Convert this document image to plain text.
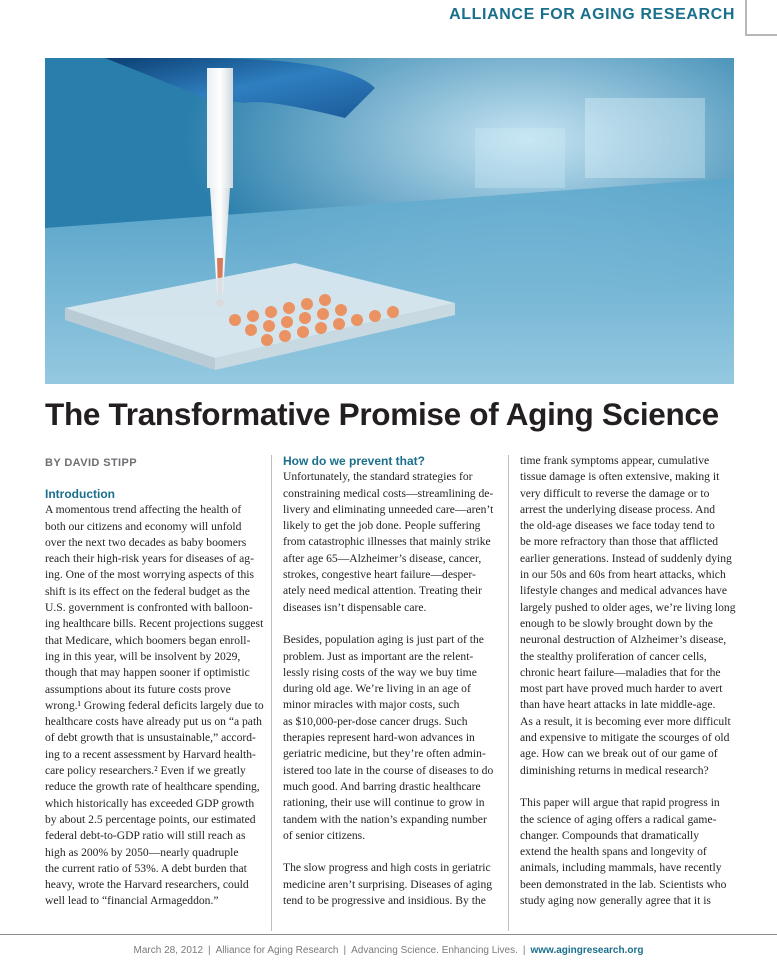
ALLIANCE FOR AGING RESEARCH
The Transformative Promise of Aging Science
BY DAVID STIPP
Introduction
A momentous trend affecting the health of
both our citizens and economy will unfold
over the next two decades as baby boomers
reach their high-risk years for diseases of ag-
ing. One of the most worrying aspects of this
shift is its effect on the federal budget as the
U.S. government is confronted with balloon-
ing healthcare bills. Recent projections suggest
that Medicare, which boomers began enroll-
ing in this year, will be insolvent by 2029,
though that may happen sooner if optimistic
assumptions about its future costs prove
wrong.¹ Growing federal deficits largely due to
healthcare costs have already put us on “a path
of debt growth that is unsustainable,” accord-
ing to a recent assessment by Harvard health-
care policy researchers.² Even if we greatly
reduce the growth rate of healthcare spending,
which historically has exceeded GDP growth
by about 2.5 percentage points, our estimated
federal debt-to-GDP ratio will still reach as
high as 200% by 2050—nearly quadruple
the current ratio of 53%. A debt burden that
heavy, wrote the Harvard researchers, could
well lead to “financial Armageddon.”
How do we prevent that?
Unfortunately, the standard strategies for
constraining medical costs—streamlining de-
livery and eliminating unneeded care—aren’t
likely to get the job done. People suffering
from catastrophic illnesses that mainly strike
after age 65—Alzheimer’s disease, cancer,
strokes, congestive heart failure—desper-
ately need medical attention. Treating their
diseases isn’t dispensable care.
Besides, population aging is just part of the
problem. Just as important are the relent-
lessly rising costs of the way we buy time
during old age. We’re living in an age of
minor miracles with major costs, such
as $10,000-per-dose cancer drugs. Such
therapies represent hard-won advances in
geriatric medicine, but they’re often admin-
istered too late in the course of diseases to do
much good. And barring drastic healthcare
rationing, their use will continue to grow in
tandem with the nation’s expanding number
of senior citizens.
The slow progress and high costs in geriatric
medicine aren’t surprising. Diseases of aging
tend to be progressive and insidious. By the
time frank symptoms appear, cumulative
tissue damage is often extensive, making it
very difficult to reverse the damage or to
arrest the underlying disease process. And
the old-age diseases we face today tend to
be more refractory than those that afflicted
earlier generations. Instead of suddenly dying
in our 50s and 60s from heart attacks, which
lifestyle changes and medical advances have
largely pushed to older ages, we’re living long
enough to be slowly brought down by the
neuronal destruction of Alzheimer’s disease,
the stealthy proliferation of cancer cells,
chronic heart failure—maladies that for the
most part have proved much harder to avert
than have heart attacks in late middle-age.
As a result, it is becoming ever more difficult
and expensive to mitigate the scourges of old
age. How can we break out of our game of
diminishing returns in medical research?
This paper will argue that rapid progress in
the science of aging offers a radical game-
changer. Compounds that dramatically
extend the health spans and longevity of
animals, including mammals, have recently
been demonstrated in the lab. Scientists who
study aging now generally agree that it is
March 28, 2012 | Alliance for Aging Research | Advancing Science. Enhancing Lives. | www.agingresearch.org
